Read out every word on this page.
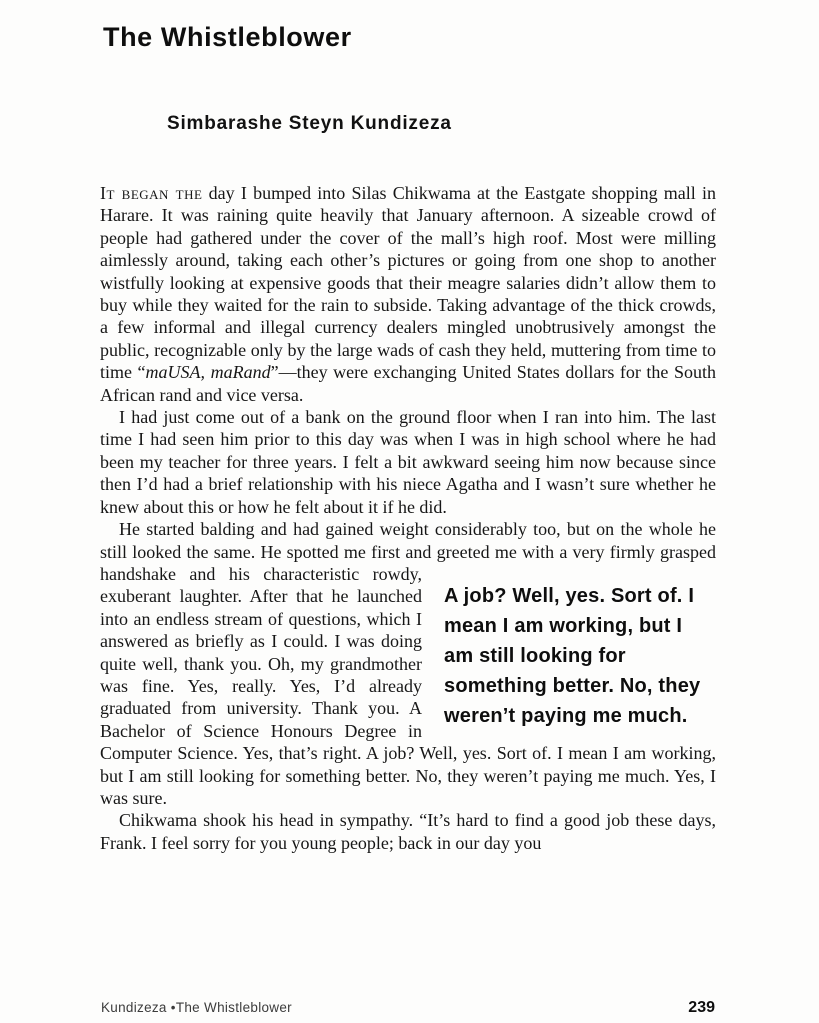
The Whistleblower
Simbarashe Steyn Kundizeza

It began the day I bumped into Silas Chikwama at the Eastgate shopping mall in Harare. It was raining quite heavily that January afternoon. A sizeable crowd of people had gathered under the cover of the mall’s high roof. Most were milling aimlessly around, taking each other’s pictures or going from one shop to another wistfully looking at expensive goods that their meagre salaries didn’t allow them to buy while they waited for the rain to subside. Taking advantage of the thick crowds, a few informal and illegal currency dealers mingled unobtrusively amongst the public, recognizable only by the large wads of cash they held, muttering from time to time “maUSA, maRand”—they were exchanging United States dollars for the South African rand and vice versa.

I had just come out of a bank on the ground floor when I ran into him. The last time I had seen him prior to this day was when I was in high school where he had been my teacher for three years. I felt a bit awkward seeing him now because since then I’d had a brief relationship with his niece Agatha and I wasn’t sure whether he knew about this or how he felt about it if he did.

He started balding and had gained weight considerably too, but on the whole he still looked the same. He spotted me first and greeted me
A job? Well, yes. Sort of. I mean I am working, but I am still looking for something better. No, they weren’t paying me much.
with a very firmly grasped handshake and his characteristic rowdy, exuberant laughter. After that he launched into an endless stream of questions, which I answered as briefly as I could. I was doing quite well, thank you. Oh, my grandmother was fine. Yes, really. Yes, I’d already graduated from university. Thank you. A Bachelor of Science Honours Degree in Computer Science. Yes, that’s right. A job? Well, yes. Sort of. I mean I am working, but I am still looking for something better. No, they weren’t paying me much. Yes, I was sure.

Chikwama shook his head in sympathy. “It’s hard to find a good job these days, Frank. I feel sorry for you young people; back in our day you

Kundizeza •The Whistleblower	239
